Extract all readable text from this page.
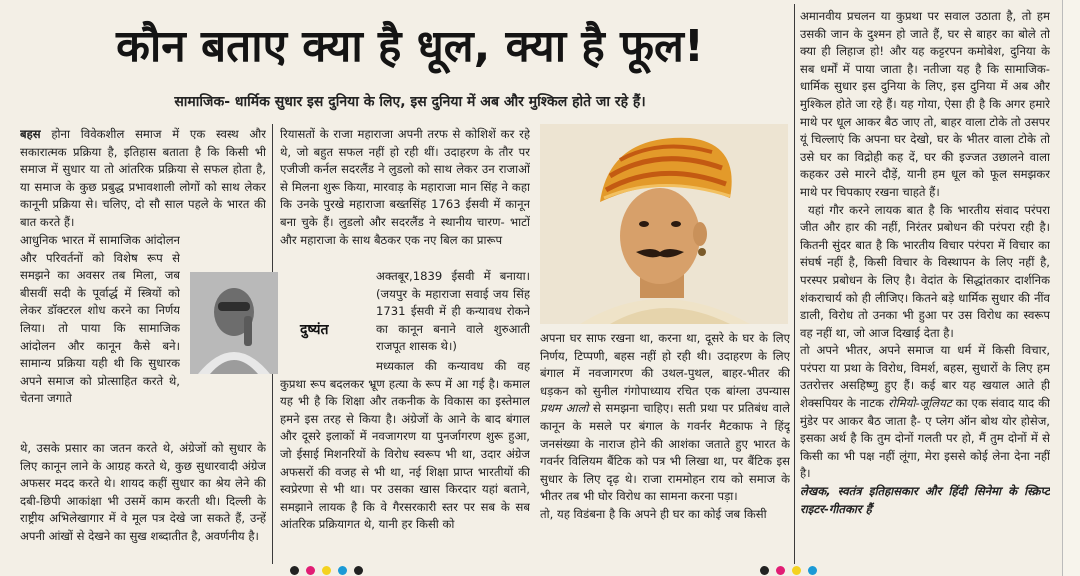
कौन बताए क्या है धूल, क्या है फूल!
सामाजिक- धार्मिक सुधार इस दुनिया के लिए, इस दुनिया में अब और मुश्किल होते जा रहे हैं।

बहस होना विवेकशील समाज में एक स्वस्थ और सकारात्मक प्रक्रिया है, इतिहास बताता है कि किसी भी समाज में सुधार या तो आंतरिक प्रक्रिया से सफल होता है, या समाज के कुछ प्रबुद्ध प्रभावशाली लोगों को साथ लेकर कानूनी प्रक्रिया से। चलिए, दो सौ साल पहले के भारत की बात करते हैं।

आधुनिक भारत में सामाजिक आंदोलन और परिवर्तनों को विशेष रूप से समझने का अवसर तब मिला, जब बीसवीं सदी के पूर्वार्द्ध में स्त्रियों को लेकर डॉक्टरल शोध करने का निर्णय लिया। तो पाया कि सामाजिक आंदोलन और कानून कैसे बने। सामान्य प्रक्रिया यही थी कि सुधारक अपने समाज को प्रोत्साहित करते थे, चेतना जगाते

थे, उसके प्रसार का जतन करते थे, अंग्रेजों को सुधार के लिए कानून लाने के आग्रह करते थे, कुछ सुधारवादी अंग्रेज अफसर मदद करते थे। शायद कहीं सुधार का श्रेय लेने की दबी-छिपी आकांक्षा भी उसमें काम करती थी। दिल्ली के राष्ट्रीय अभिलेखागार में वे मूल पत्र देखे जा सकते हैं, उन्हें अपनी आंखों से देखने का सुख शब्दातीत है, अवर्णनीय है।

दुष्यंत

रियासतों के राजा महाराजा अपनी तरफ से कोशिशें कर रहे थे, जो बहुत सफल नहीं हो रही थीं। उदाहरण के तौर पर एजीजी कर्नल सदरलैंड ने लुडलो को साथ लेकर उन राजाओं से मिलना शुरू किया, मारवाड़ के महाराजा मान सिंह ने कहा कि उनके पुरखे महाराजा बख्तसिंह 1763 ईसवी में कानून बना चुके हैं। लुडलो और सदरलैंड ने स्थानीय चारण- भाटों और महाराजा के साथ बैठकर एक नए बिल का प्रारूप

अक्तबूर,1839 ईसवी में बनाया। (जयपुर के महाराजा सवाई जय सिंह 1731 ईसवी में ही कन्यावध रोकने का कानून बनाने वाले शुरुआती राजपूत शासक थे।)

मध्यकाल की कन्यावध की वह कुप्रथा रूप बदलकर भ्रूण हत्या के रूप में आ गई है। कमाल यह भी है कि शिक्षा और तकनीक के विकास का इस्तेमाल हमने इस तरह से किया है। अंग्रेजों के आने के बाद बंगाल और दूसरे इलाकों में नवजागरण या पुनर्जागरण शुरू हुआ, जो ईसाई मिशनरियों के विरोध स्वरूप भी था, उदार अंग्रेज अफसरों की वजह से भी था, नई शिक्षा प्राप्त भारतीयों की स्वप्रेरणा से भी था। पर उसका खास किरदार यहां बताने, समझाने लायक है कि वे गैरसरकारी स्तर पर सब के सब आंतरिक प्रक्रियागत थे, यानी हर किसी को

अपना घर साफ रखना था, करना था, दूसरे के घर के लिए निर्णय, टिप्पणी, बहस नहीं हो रही थी। उदाहरण के लिए बंगाल में नवजागरण की उथल-पुथल, बाहर-भीतर की धड़कन को सुनील गंगोपाध्याय रचित एक बांग्ला उपन्यास प्रथम आलो से समझना चाहिए। सती प्रथा पर प्रतिबंध वाले कानून के मसले पर बंगाल के गवर्नर मैटकाफ ने हिंदू जनसंख्या के नाराज होने की आशंका जताते हुए भारत के गवर्नर विलियम बैंटिक को पत्र भी लिखा था, पर बैंटिक इस सुधार के लिए दृढ़ थे। राजा राममोहन राय को समाज के भीतर तब भी घोर विरोध का सामना करना पड़ा।

तो, यह विडंबना है कि अपने ही घर का कोई जब किसी

अमानवीय प्रचलन या कुप्रथा पर सवाल उठाता है, तो हम उसकी जान के दुश्मन हो जाते हैं, घर से बाहर का बोले तो क्या ही लिहाज हो! और यह कट्टरपन कमोबेश, दुनिया के सब धर्मों में पाया जाता है। नतीजा यह है कि सामाजिक- धार्मिक सुधार इस दुनिया के लिए, इस दुनिया में अब और मुश्किल होते जा रहे हैं। यह गोया, ऐसा ही है कि अगर हमारे माथे पर धूल आकर बैठ जाए तो, बाहर वाला टोके तो उसपर यूं चिल्लाएं कि अपना घर देखो, घर के भीतर वाला टोके तो उसे घर का विद्रोही कह दें, घर की इज्जत उछालने वाला कहकर उसे मारने दौड़ें, यानी हम धूल को फूल समझकर माथे पर चिपकाए रखना चाहते हैं।

यहां गौर करने लायक बात है कि भारतीय संवाद परंपरा जीत और हार की नहीं, निरंतर प्रबोधन की परंपरा रही है। कितनी सुंदर बात है कि भारतीय विचार परंपरा में विचार का संघर्ष नहीं है, किसी विचार के विस्थापन के लिए नहीं है, परस्पर प्रबोधन के लिए है। वेदांत के सिद्धांतकार दार्शनिक शंकराचार्य को ही लीजिए। कितने बड़े धार्मिक सुधार की नींव डाली, विरोध तो उनका भी हुआ पर उस विरोध का स्वरूप वह नहीं था, जो आज दिखाई देता है।

तो अपने भीतर, अपने समाज या धर्म में किसी विचार, परंपरा या प्रथा के विरोध, विमर्श, बहस, सुधारों के लिए हम उतरोत्तर असहिष्णु हुए हैं। कई बार यह खयाल आते ही शेक्सपियर के नाटक रोमियो-जूलियट का एक संवाद याद की मुंडेर पर आकर बैठ जाता है- ए प्लेग ऑन बोथ योर होसेज, इसका अर्थ है कि तुम दोनों गलती पर हो, मैं तुम दोनों में से किसी का भी पक्ष नहीं लूंगा, मेरा इससे कोई लेना देना नहीं है।

लेखक, स्वतंत्र इतिहासकार और हिंदी सिनेमा के स्क्रिप्ट राइटर-गीतकार हैं
